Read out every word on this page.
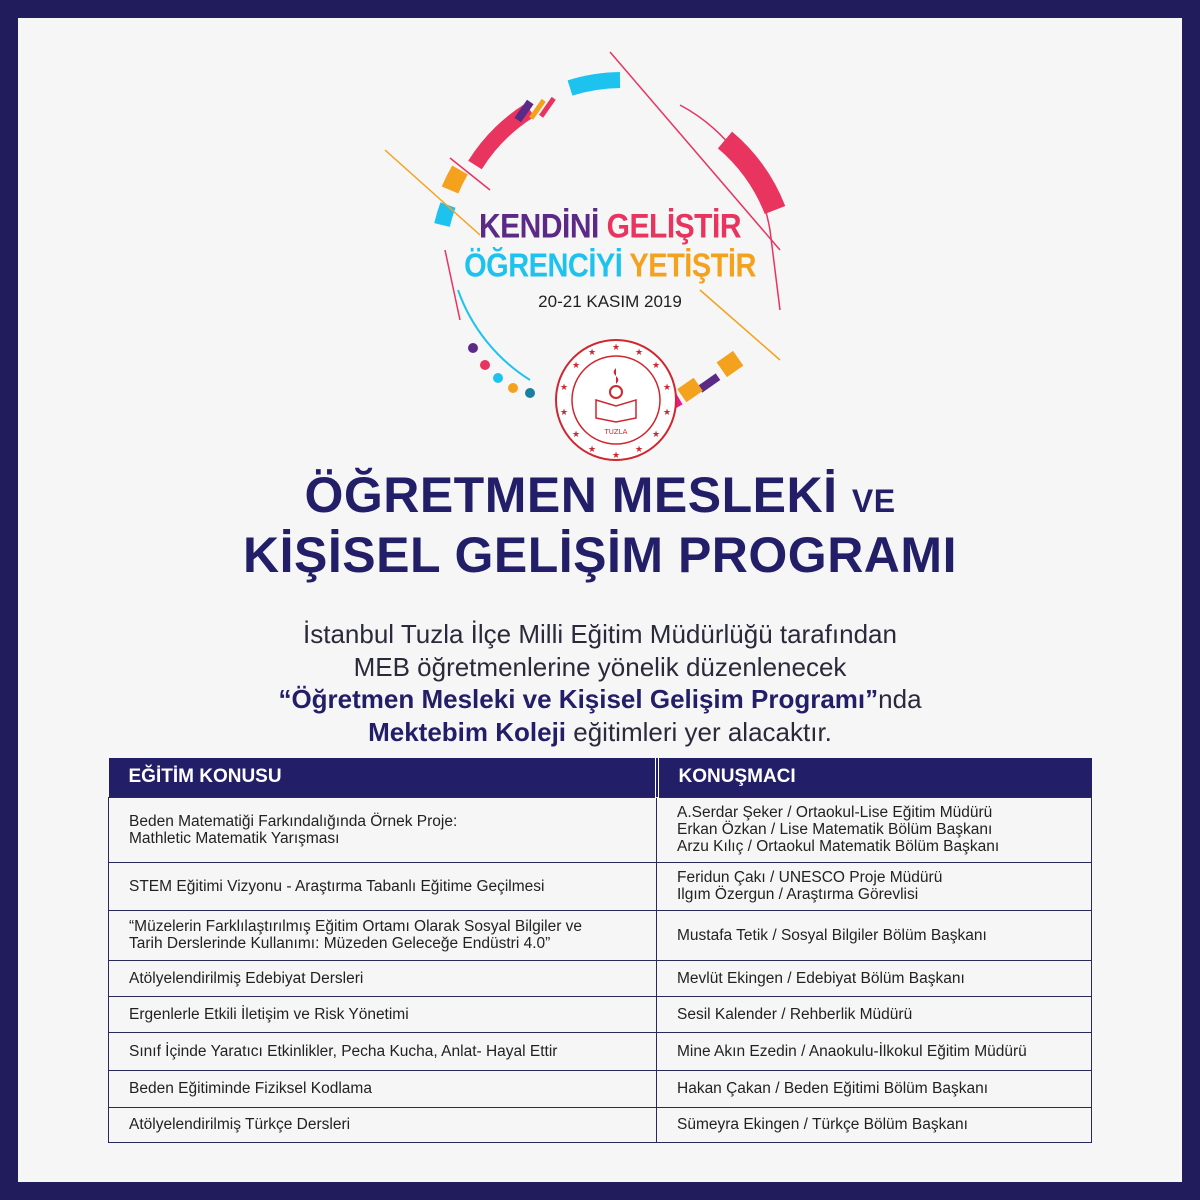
★ ★
★
★
★
★
★
★
★
★
★
★
★
★
TUZLA
KENDİNİ GELİŞTİR
ÖĞRENCİYİ YETİŞTİR
20-21 KASIM 2019
ÖĞRETMEN MESLEKİ VE
KİŞİSEL GELİŞİM PROGRAMI
İstanbul Tuzla İlçe Milli Eğitim Müdürlüğü tarafından
MEB öğretmenlerine yönelik düzenlenecek
“Öğretmen Mesleki ve Kişisel Gelişim Programı”nda
Mektebim Koleji eğitimleri yer alacaktır.
EĞİTİM KONUSU	KONUŞMACI
Beden Matematiği Farkındalığında Örnek Proje:
Mathletic Matematik Yarışması	A.Serdar Şeker / Ortaokul-Lise Eğitim Müdürü
Erkan Özkan / Lise Matematik Bölüm Başkanı
Arzu Kılıç / Ortaokul Matematik Bölüm Başkanı
STEM Eğitimi Vizyonu - Araştırma Tabanlı Eğitime Geçilmesi	Feridun Çakı / UNESCO Proje Müdürü
Ilgım Özergun / Araştırma Görevlisi
“Müzelerin Farklılaştırılmış Eğitim Ortamı Olarak Sosyal Bilgiler ve
Tarih Derslerinde Kullanımı: Müzeden Geleceğe Endüstri 4.0”	Mustafa Tetik / Sosyal Bilgiler Bölüm Başkanı
Atölyelendirilmiş Edebiyat Dersleri	Mevlüt Ekingen / Edebiyat Bölüm Başkanı
Ergenlerle Etkili İletişim ve Risk Yönetimi	Sesil Kalender / Rehberlik Müdürü
Sınıf İçinde Yaratıcı Etkinlikler, Pecha Kucha, Anlat- Hayal Ettir	Mine Akın Ezedin / Anaokulu-İlkokul Eğitim Müdürü
Beden Eğitiminde Fiziksel Kodlama	Hakan Çakan / Beden Eğitimi Bölüm Başkanı
Atölyelendirilmiş Türkçe Dersleri	Sümeyra Ekingen / Türkçe Bölüm Başkanı
